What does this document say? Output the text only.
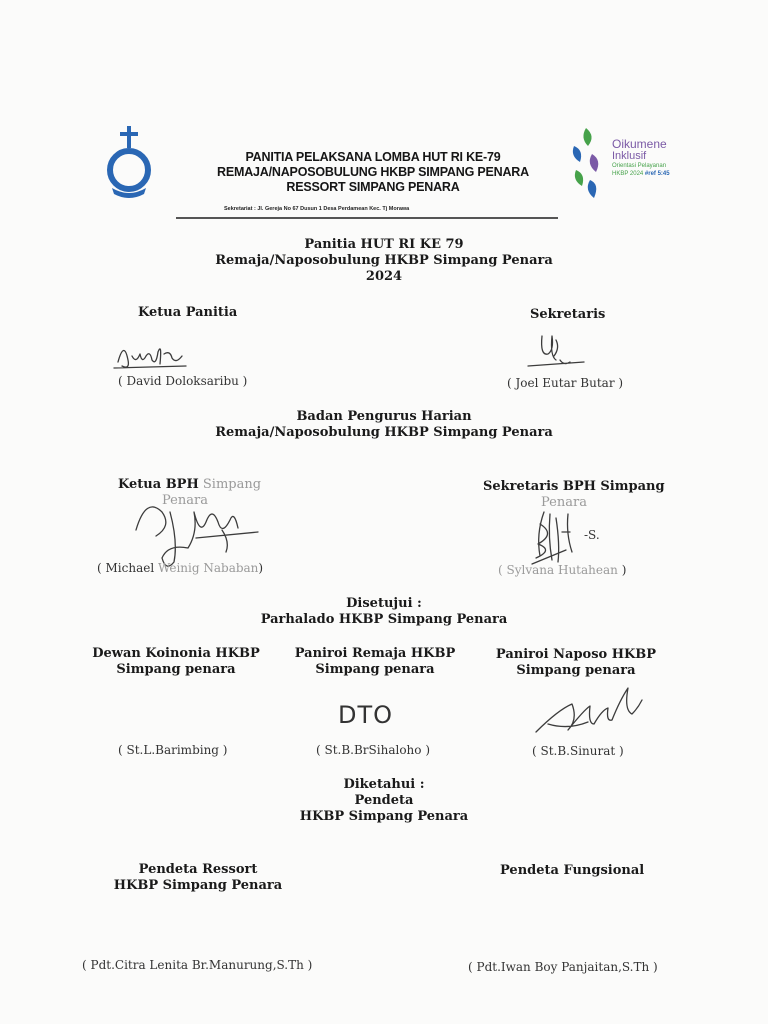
PANITIA PELAKSANA LOMBA HUT RI KE-79
REMAJA/NAPOSOBULUNG HKBP SIMPANG PENARA
RESSORT SIMPANG PENARA
Sekretariat : Jl. Gereja No 67 Dusun 1 Desa Perdamean Kec. Tj Morawa
Oikumene
Inklusif
Orientasi Pelayanan
HKBP 2024 #ref 5:45
Panitia HUT RI KE 79
Remaja/Naposobulung HKBP Simpang Penara
2024
Ketua Panitia
( David Doloksaribu )
Sekretaris
( Joel Eutar Butar )
Badan Pengurus Harian
Remaja/Naposobulung HKBP Simpang Penara
Ketua BPH Simpang
Penara
( Michael Weinig Nababan)
Sekretaris BPH Simpang
Penara
-S.
( Sylvana Hutahean )
Disetujui :
Parhalado HKBP Simpang Penara
Dewan Koinonia HKBP
Simpang penara
( St.L.Barimbing )
Paniroi Remaja HKBP
Simpang penara
DTO
( St.B.BrSihaloho )
Paniroi Naposo HKBP
Simpang penara
( St.B.Sinurat )
Diketahui :
Pendeta
HKBP Simpang Penara
Pendeta Ressort
HKBP Simpang Penara
Pendeta Fungsional
( Pdt.Citra Lenita Br.Manurung,S.Th )	( Pdt.Iwan Boy Panjaitan,S.Th )
